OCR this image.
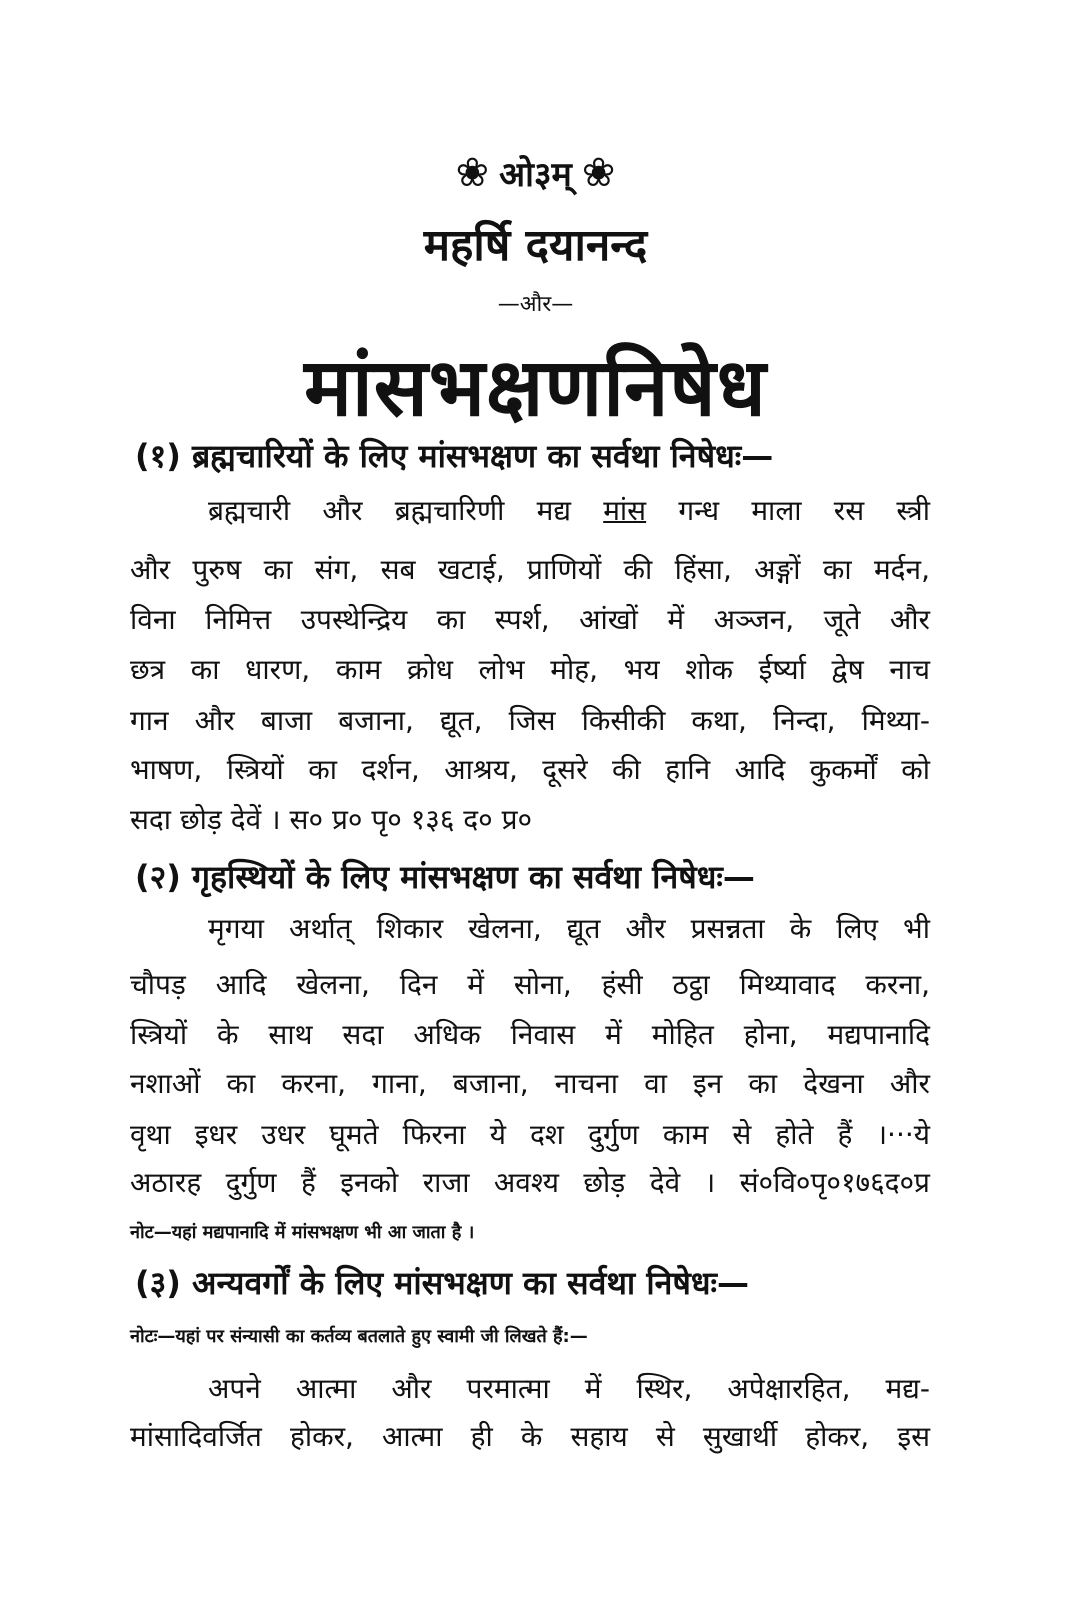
❀ ओ३म् ❀
महर्षि दयानन्द
—और—
मांसभक्षणनिषेध
(१) ब्रह्मचारियों के लिए मांसभक्षण का सर्वथा निषेधः—
ब्रह्मचारी और ब्रह्मचारिणी मद्य मांस गन्ध माला रस स्त्री
और पुरुष का संग, सब खटाई, प्राणियों की हिंसा, अङ्गों का मर्दन,
विना निमित्त उपस्थेन्द्रिय का स्पर्श, आंखों में अञ्जन, जूते और
छत्र का धारण, काम क्रोध लोभ मोह, भय शोक ईर्ष्या द्वेष नाच
गान और बाजा बजाना, द्यूत, जिस किसीकी कथा, निन्दा, मिथ्या-
भाषण, स्त्रियों का दर्शन, आश्रय, दूसरे की हानि आदि कुकर्मों को
सदा छोड़ देवें । स० प्र० पृ० १३६ द० प्र०
(२) गृहस्थियों के लिए मांसभक्षण का सर्वथा निषेधः—
मृगया अर्थात् शिकार खेलना, द्यूत और प्रसन्नता के लिए भी
चौपड़ आदि खेलना, दिन में सोना, हंसी ठट्ठा मिथ्यावाद करना,
स्त्रियों के साथ सदा अधिक निवास में मोहित होना, मद्यपानादि
नशाओं का करना, गाना, बजाना, नाचना वा इन का देखना और
वृथा इधर उधर घूमते फिरना ये दश दुर्गुण काम से होते हैं ।···ये
अठारह दुर्गुण हैं इनको राजा अवश्य छोड़ देवे । सं०वि०पृ०१७६द०प्र
नोट—यहां मद्यपानादि में मांसभक्षण भी आ जाता है ।
(३) अन्यवर्गों के लिए मांसभक्षण का सर्वथा निषेधः—
नोटः—यहां पर संन्यासी का कर्तव्य बतलाते हुए स्वामी जी लिखते हैं:—
अपने आत्मा और परमात्मा में स्थिर, अपेक्षारहित, मद्य-
मांसादिवर्जित होकर, आत्मा ही के सहाय से सुखार्थी होकर, इस
